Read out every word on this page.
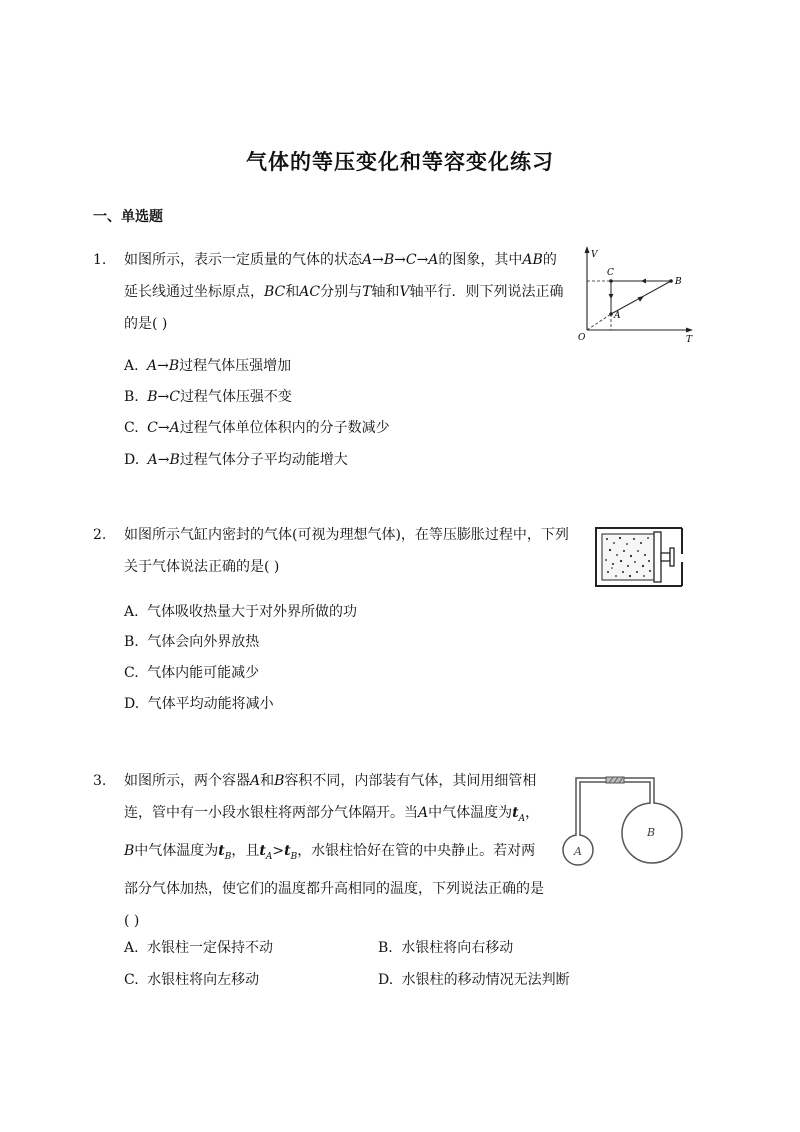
气体的等压变化和等容变化练习
一、单选题
1. 如图所示，表示一定质量的气体的状态A→B→C→A的图象，其中AB的延长线通过坐标原点，BC和AC分别与T轴和V轴平行．则下列说法正确的是( )
V
T
O
C
B
A
A. A→B过程气体压强增加
B. B→C过程气体压强不变
C. C→A过程气体单位体积内的分子数减少
D. A→B过程气体分子平均动能增大
2. 如图所示气缸内密封的气体(可视为理想气体)，在等压膨胀过程中，下列
关于气体说法正确的是( )
A. 气体吸收热量大于对外界所做的功
B. 气体会向外界放热
C. 气体内能可能减少
D. 气体平均动能将减小
3. 如图所示，两个容器A和B容积不同，内部装有气体，其间用细管相连，管中有一小段水银柱将两部分气体隔开。当A中气体温度为$t_A$，B中气体温度为$t_B$，且$t_A>t_B$，水银柱恰好在管的中央静止。若对两部分气体加热，使它们的温度都升高相同的温度，下列说法正确的是( )
A
B
A. 水银柱一定保持不动	B. 水银柱将向右移动
C. 水银柱将向左移动	D. 水银柱的移动情况无法判断
